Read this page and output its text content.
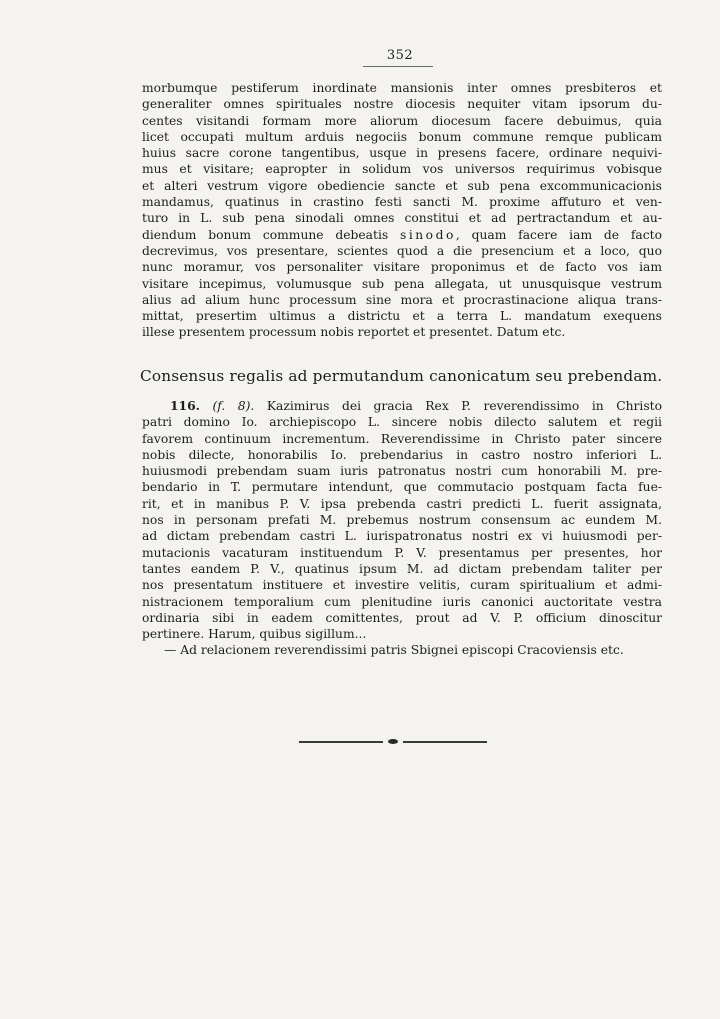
352
morbumque pestiferum inordinate mansionis inter omnes presbiteros et
generaliter omnes spirituales nostre diocesis nequiter vitam ipsorum du-
centes visitandi formam more aliorum diocesum facere debuimus, quia
licet occupati multum arduis negociis bonum commune remque publicam
huius sacre corone tangentibus, usque in presens facere, ordinare nequivi-
mus et visitare; eapropter in solidum vos universos requirimus vobisque
et alteri vestrum vigore obediencie sancte et sub pena excommunicacionis
mandamus, quatinus in crastino festi sancti M. proxime affuturo et ven-
turo in L. sub pena sinodali omnes constitui et ad pertractandum et au-
diendum bonum commune debeatis sinodo, quam facere iam de facto
decrevimus, vos presentare, scientes quod a die presencium et a loco, quo
nunc moramur, vos personaliter visitare proponimus et de facto vos iam
visitare incepimus, volumusque sub pena allegata, ut unusquisque vestrum
alius ad alium hunc processum sine mora et procrastinacione aliqua trans-
mittat, presertim ultimus a districtu et a terra L. mandatum exequens
illese presentem processum nobis reportet et presentet. Datum etc.
Consensus regalis ad permutandum canonicatum seu prebendam.
116. (f. 8). Kazimirus dei gracia Rex P. reverendissimo in Christo
patri domino Io. archiepiscopo L. sincere nobis dilecto salutem et regii
favorem continuum incrementum. Reverendissime in Christo pater sincere
nobis dilecte, honorabilis Io. prebendarius in castro nostro inferiori L.
huiusmodi prebendam suam iuris patronatus nostri cum honorabili M. pre-
bendario in T. permutare intendunt, que commutacio postquam facta fue-
rit, et in manibus P. V. ipsa prebenda castri predicti L. fuerit assignata,
nos in personam prefati M. prebemus nostrum consensum ac eundem M.
ad dictam prebendam castri L. iurispatronatus nostri ex vi huiusmodi per-
mutacionis vacaturam instituendum P. V. presentamus per presentes, hor
tantes eandem P. V., quatinus ipsum M. ad dictam prebendam taliter per
nos presentatum instituere et investire velitis, curam spiritualium et admi-
nistracionem temporalium cum plenitudine iuris canonici auctoritate vestra
ordinaria sibi in eadem comittentes, prout ad V. P. officium dinoscitur
pertinere. Harum, quibus sigillum...
— Ad relacionem reverendissimi patris Sbignei episcopi Cracoviensis etc.
